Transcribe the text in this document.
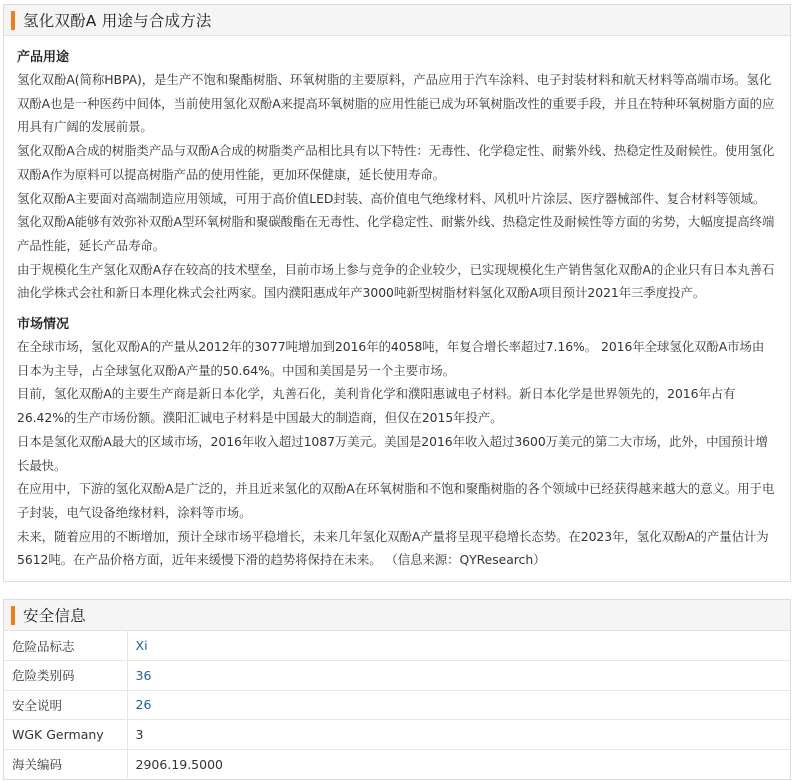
氢化双酚A 用途与合成方法
产品用途

氢化双酚A(简称HBPA)，是生产不饱和聚酯树脂、环氧树脂的主要原料，产品应用于汽车涂料、电子封装材料和航天材料等高端市场。氢化双酚A也是一种医药中间体，当前使用氢化双酚A来提高环氧树脂的应用性能已成为环氧树脂改性的重要手段，并且在特种环氧树脂方面的应用具有广阔的发展前景。

氢化双酚A合成的树脂类产品与双酚A合成的树脂类产品相比具有以下特性：无毒性、化学稳定性、耐紫外线、热稳定性及耐候性。使用氢化双酚A作为原料可以提高树脂产品的使用性能，更加环保健康，延长使用寿命。

氢化双酚A主要面对高端制造应用领域，可用于高价值LED封装、高价值电气绝缘材料、风机叶片涂层、医疗器械部件、复合材料等领域。氢化双酚A能够有效弥补双酚A型环氧树脂和聚碳酸酯在无毒性、化学稳定性、耐紫外线、热稳定性及耐候性等方面的劣势，大幅度提高终端产品性能，延长产品寿命。

由于规模化生产氢化双酚A存在较高的技术壁垒，目前市场上参与竞争的企业较少，已实现规模化生产销售氢化双酚A的企业只有日本丸善石油化学株式会社和新日本理化株式会社两家。国内濮阳惠成年产3000吨新型树脂材料氢化双酚A项目预计2021年三季度投产。

市场情况

在全球市场，氢化双酚A的产量从2012年的3077吨增加到2016年的4058吨，年复合增长率超过7.16%。 2016年全球氢化双酚A市场由日本为主导，占全球氢化双酚A产量的50.64%。中国和美国是另一个主要市场。

目前，氢化双酚A的主要生产商是新日本化学，丸善石化，美利肯化学和濮阳惠诚电子材料。新日本化学是世界领先的，2016年占有26.42%的生产市场份额。濮阳汇诚电子材料是中国最大的制造商，但仅在2015年投产。

日本是氢化双酚A最大的区域市场，2016年收入超过1087万美元。美国是2016年收入超过3600万美元的第二大市场，此外，中国预计增长最快。

在应用中，下游的氢化双酚A是广泛的，并且近来氢化的双酚A在环氧树脂和不饱和聚酯树脂的各个领域中已经获得越来越大的意义。用于电子封装，电气设备绝缘材料，涂料等市场。

未来，随着应用的不断增加，预计全球市场平稳增长，未来几年氢化双酚A产量将呈现平稳增长态势。在2023年，氢化双酚A的产量估计为5612吨。在产品价格方面，近年来缓慢下滑的趋势将保持在未来。 （信息来源：QYResearch）

安全信息
危险品标志	Xi
危险类别码	36
安全说明	26
WGK Germany	3
海关编码	2906.19.5000
